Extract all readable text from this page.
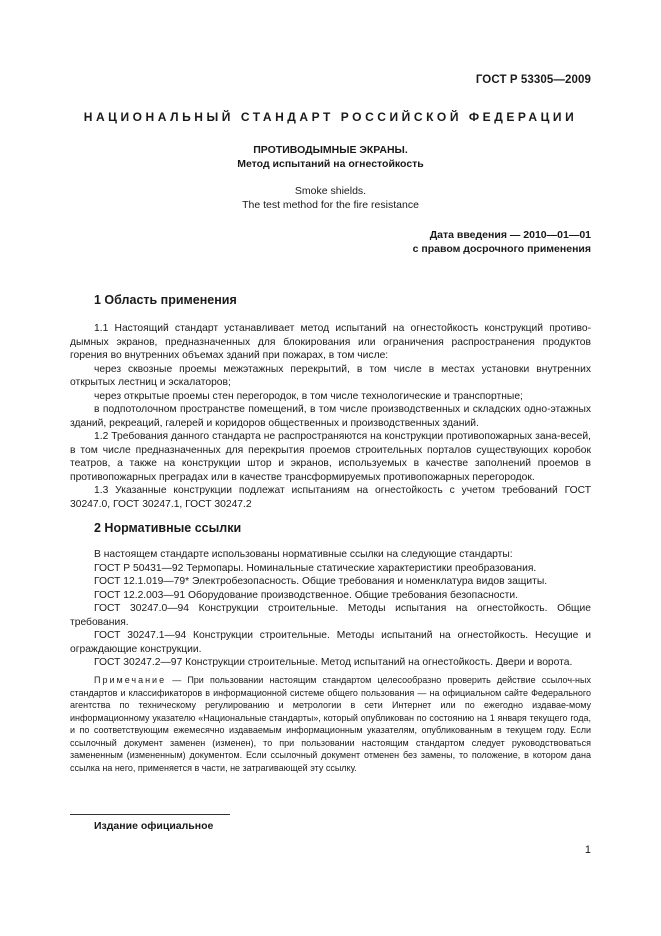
ГОСТ Р 53305—2009
НАЦИОНАЛЬНЫЙ СТАНДАРТ РОССИЙСКОЙ ФЕДЕРАЦИИ
ПРОТИВОДЫМНЫЕ ЭКРАНЫ.
Метод испытаний на огнестойкость
Smoke shields.
The test method for the fire resistance
Дата введения — 2010—01—01
с правом досрочного применения
1 Область применения

1.1 Настоящий стандарт устанавливает метод испытаний на огнестойкость конструкций противо-дымных экранов, предназначенных для блокирования или ограничения распространения продуктов горения во внутренних объемах зданий при пожарах, в том числе:

через сквозные проемы межэтажных перекрытий, в том числе в местах установки внутренних открытых лестниц и эскалаторов;

через открытые проемы стен перегородок, в том числе технологические и транспортные;

в подпотолочном пространстве помещений, в том числе производственных и складских одно-этажных зданий, рекреаций, галерей и коридоров общественных и производственных зданий.

1.2 Требования данного стандарта не распространяются на конструкции противопожарных зана-весей, в том числе предназначенных для перекрытия проемов строительных порталов существующих коробок театров, а также на конструкции штор и экранов, используемых в качестве заполнений проемов в противопожарных преградах или в качестве трансформируемых противопожарных перегородок.

1.3 Указанные конструкции подлежат испытаниям на огнестойкость с учетом требований ГОСТ 30247.0, ГОСТ 30247.1, ГОСТ 30247.2

2 Нормативные ссылки

В настоящем стандарте использованы нормативные ссылки на следующие стандарты:

ГОСТ Р 50431—92 Термопары. Номинальные статические характеристики преобразования.

ГОСТ 12.1.019—79* Электробезопасность. Общие требования и номенклатура видов защиты.

ГОСТ 12.2.003—91 Оборудование производственное. Общие требования безопасности.

ГОСТ 30247.0—94 Конструкции строительные. Методы испытания на огнестойкость. Общие требования.

ГОСТ 30247.1—94 Конструкции строительные. Методы испытаний на огнестойкость. Несущие и ограждающие конструкции.

ГОСТ 30247.2—97 Конструкции строительные. Метод испытаний на огнестойкость. Двери и ворота.

Примечание — При пользовании настоящим стандартом целесообразно проверить действие ссылоч-ных стандартов и классификаторов в информационной системе общего пользования — на официальном сайте Федерального агентства по техническому регулированию и метрологии в сети Интернет или по ежегодно издавае-мому информационному указателю «Национальные стандарты», который опубликован по состоянию на 1 января текущего года, и по соответствующим ежемесячно издаваемым информационным указателям, опубликованным в текущем году. Если ссылочный документ заменен (изменен), то при пользовании настоящим стандартом следует руководствоваться замененным (измененным) документом. Если ссылочный документ отменен без замены, то положение, в котором дана ссылка на него, применяется в части, не затрагивающей эту ссылку.

Издание официальное
1
